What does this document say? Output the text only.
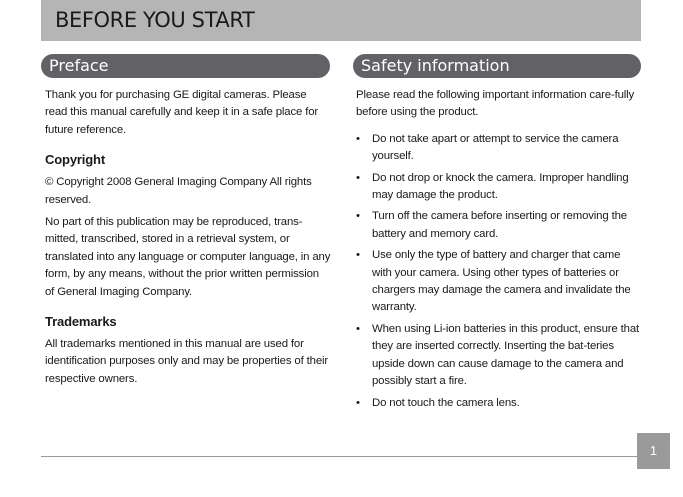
BEFORE YOU START
Preface	Safety information

Thank you for purchasing GE digital cameras. Please read this manual carefully and keep it in a safe place for future reference.

Copyright

© Copyright 2008 General Imaging Company All rights reserved.

No part of this publication may be reproduced, trans-mitted, transcribed, stored in a retrieval system, or translated into any language or computer language, in any form, by any means, without the prior written permission of General Imaging Company.

Trademarks

All trademarks mentioned in this manual are used for identification purposes only and may be properties of their respective owners.

Please read the following important information care-fully before using the product.

•	Do not take apart or attempt to service the camera yourself.
•	Do not drop or knock the camera. Improper handling may damage the product.
•	Turn off the camera before inserting or removing the battery and memory card.
•	Use only the type of battery and charger that came with your camera. Using other types of batteries or chargers may damage the camera and invalidate the warranty.
•	When using Li-ion batteries in this product, ensure that they are inserted correctly. Inserting the bat-teries upside down can cause damage to the camera and possibly start a fire.
•	Do not touch the camera lens.
1
